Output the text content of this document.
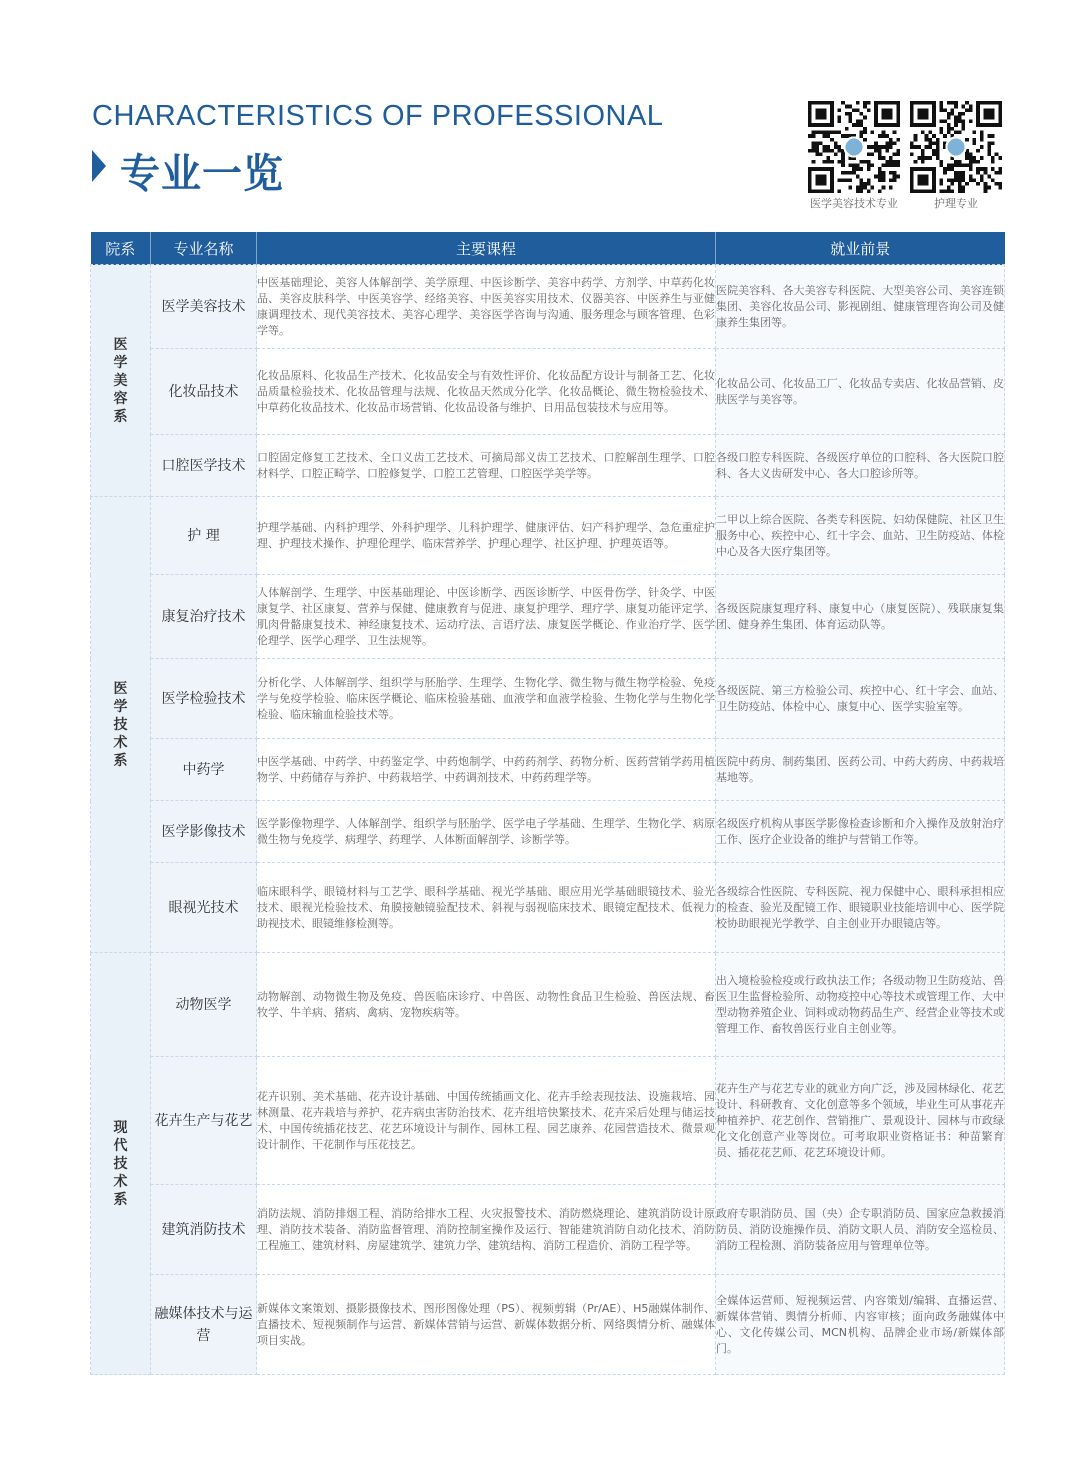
CHARACTERISTICS OF PROFESSIONAL
专业一览
医学美容技术专业	护理专业
院系	专业名称	主要课程	就业前景
医学美容系	医学美容技术	中医基础理论、美容人体解剖学、美学原理、中医诊断学、美容中药学、方剂学、中草药化妆品、美容皮肤科学、中医美容学、经络美容、中医美容实用技术、仪器美容、中医养生与亚健康调理技术、现代美容技术、美容心理学、美容医学咨询与沟通、服务理念与顾客管理、色彩学等。	医院美容科、各大美容专科医院、大型美容公司、美容连锁集团、美容化妆品公司、影视剧组、健康管理咨询公司及健康养生集团等。
	化妆品技术	化妆品原料、化妆品生产技术、化妆品安全与有效性评价、化妆品配方设计与制备工艺、化妆品质量检验技术、化妆品管理与法规、化妆品天然成分化学、化妆品概论、微生物检验技术、中草药化妆品技术、化妆品市场营销、化妆品设备与维护、日用品包装技术与应用等。	化妆品公司、化妆品工厂、化妆品专卖店、化妆品营销、皮肤医学与美容等。
	口腔医学技术	口腔固定修复工艺技术、全口义齿工艺技术、可摘局部义齿工艺技术、口腔解剖生理学、口腔材料学、口腔正畸学、口腔修复学、口腔工艺管理、口腔医学美学等。	各级口腔专科医院、各级医疗单位的口腔科、各大医院口腔科、各大义齿研发中心、各大口腔诊所等。
医学技术系	护 理	护理学基础、内科护理学、外科护理学、儿科护理学、健康评估、妇产科护理学、急危重症护理、护理技术操作、护理伦理学、临床营养学、护理心理学、社区护理、护理英语等。	二甲以上综合医院、各类专科医院、妇幼保健院、社区卫生服务中心、疾控中心、红十字会、血站、卫生防疫站、体检中心及各大医疗集团等。
	康复治疗技术	人体解剖学、生理学、中医基础理论、中医诊断学、西医诊断学、中医骨伤学、针灸学、中医康复学、社区康复、营养与保健、健康教育与促进、康复护理学、理疗学、康复功能评定学、肌肉骨骼康复技术、神经康复技术、运动疗法、言语疗法、康复医学概论、作业治疗学、医学伦理学、医学心理学、卫生法规等。	各级医院康复理疗科、康复中心（康复医院）、残联康复集团、健身养生集团、体育运动队等。
	医学检验技术	分析化学、人体解剖学、组织学与胚胎学、生理学、生物化学、微生物与微生物学检验、免疫学与免疫学检验、临床医学概论、临床检验基础、血液学和血液学检验、生物化学与生物化学检验、临床输血检验技术等。	各级医院、第三方检验公司、疾控中心、红十字会、血站、卫生防疫站、体检中心、康复中心、医学实验室等。
	中药学	中医学基础、中药学、中药鉴定学、中药炮制学、中药药剂学、药物分析、医药营销学药用植物学、中药储存与养护、中药栽培学、中药调剂技术、中药药理学等。	医院中药房、制药集团、医药公司、中药大药房、中药栽培基地等。
	医学影像技术	医学影像物理学、人体解剖学、组织学与胚胎学、医学电子学基础、生理学、生物化学、病原微生物与免疫学、病理学、药理学、人体断面解剖学、诊断学等。	名级医疗机构从事医学影像检查诊断和介入操作及放射治疗工作、医疗企业设备的维护与营销工作等。
	眼视光技术	临床眼科学、眼镜材料与工艺学、眼科学基础、视光学基础、眼应用光学基础眼镜技术、验光技术、眼视光检验技术、角膜接触镜验配技术、斜视与弱视临床技术、眼镜定配技术、低视力助视技术、眼镜维修检测等。	各级综合性医院、专科医院、视力保健中心、眼科承担相应的检查、验光及配镜工作、眼镜职业技能培训中心、医学院校协助眼视光学教学、自主创业开办眼镜店等。
现代技术系	动物医学	动物解剖、动物微生物及免疫、兽医临床诊疗、中兽医、动物性食品卫生检验、兽医法规、畜牧学、牛羊病、猪病、禽病、宠物疾病等。	出入境检验检疫或行政执法工作；各级动物卫生防疫站、兽医卫生监督检验所、动物疫控中心等技术或管理工作、大中型动物养殖企业、饲料或动物药品生产、经营企业等技术或管理工作、畜牧兽医行业自主创业等。
	花卉生产与花艺	花卉识别、美术基础、花卉设计基础、中国传统插画文化、花卉手绘表现技法、设施栽培、园林测量、花卉栽培与养护、花卉病虫害防治技术、花卉组培快繁技术、花卉采后处理与储运技术、中国传统插花技艺、花艺环境设计与制作、园林工程、园艺康养、花园营造技术、微景观设计制作、干花制作与压花技艺。	花卉生产与花艺专业的就业方向广泛，涉及园林绿化、花艺设计、科研教育、文化创意等多个领域，毕业生可从事花卉种植养护、花艺创作、营销推广、景观设计、园林与市政绿化文化创意产业等岗位。可考取职业资格证书：种苗繁育员、插花花艺师、花艺环境设计师。
	建筑消防技术	消防法规、消防排烟工程、消防给排水工程、火灾报警技术、消防燃烧理论、建筑消防设计原理、消防技术装备、消防监督管理、消防控制室操作及运行、智能建筑消防自动化技术、消防工程施工、建筑材料、房屋建筑学、建筑力学、建筑结构、消防工程造价、消防工程学等。	政府专职消防员、国（央）企专职消防员、国家应急救援消防员、消防设施操作员、消防文职人员、消防安全巡检员、消防工程检测、消防装备应用与管理单位等。
	融媒体技术与运营	新媒体文案策划、摄影摄像技术、图形图像处理（PS）、视频剪辑（Pr/AE）、H5融媒体制作、直播技术、短视频制作与运营、新媒体营销与运营、新媒体数据分析、网络舆情分析、融媒体项目实战。	全媒体运营师、短视频运营、内容策划/编辑、直播运营、新媒体营销、舆情分析师、内容审核；面向政务融媒体中心、文化传媒公司、MCN机构、品牌企业市场/新媒体部门。
